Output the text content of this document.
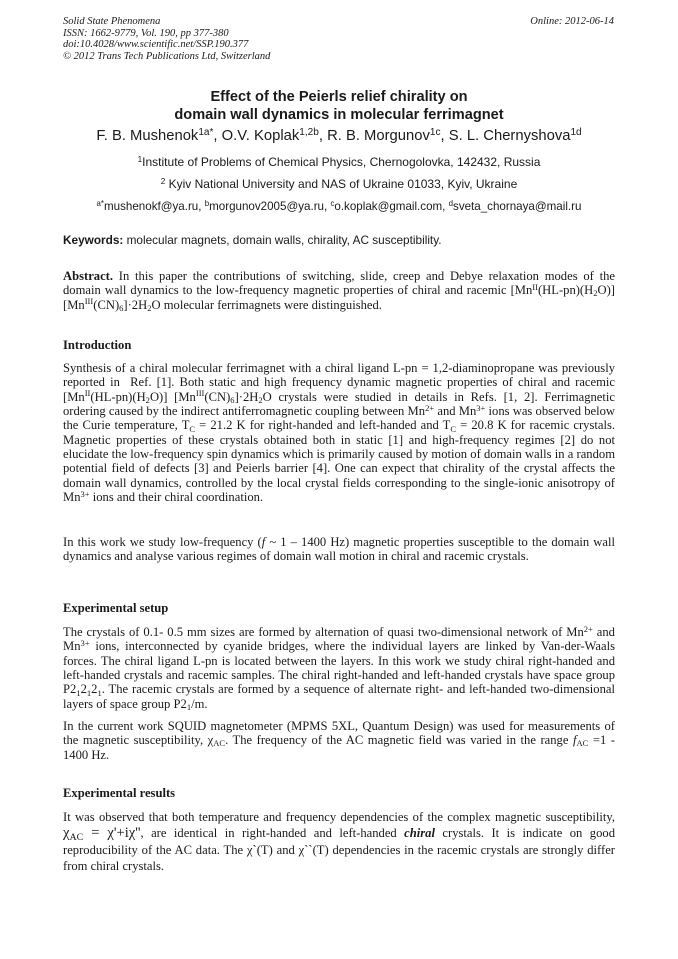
Solid State Phenomena
ISSN: 1662-9779, Vol. 190, pp 377-380
doi:10.4028/www.scientific.net/SSP.190.377
© 2012 Trans Tech Publications Ltd, Switzerland
Online: 2012-06-14
Effect of the Peierls relief chirality on
domain wall dynamics in molecular ferrimagnet
F. B. Mushenok$^{1a*}$, O.V. Koplak$^{1,2b}$, R. B. Morgunov$^{1c}$, S. L. Chernyshova$^{1d}$
$^1$Institute of Problems of Chemical Physics, Chernogolovka, 142432, Russia
$^2$ Kyiv National University and NAS of Ukraine 01033, Kyiv, Ukraine
$^{a*}$mushenokf@ya.ru, $^b$morgunov2005@ya.ru, $^c$o.koplak@gmail.com, $^d$sveta_chornaya@mail.ru
Keywords: molecular magnets, domain walls, chirality, AC susceptibility.
Abstract. In this paper the contributions of switching, slide, creep and Debye relaxation modes of the domain wall dynamics to the low-frequency magnetic properties of chiral and racemic $[Mn^{II}(HL-pn)(H_2O)][Mn^{III}(CN)_6]\cdot 2H_2O$ molecular ferrimagnets were distinguished.
Introduction
Synthesis of a chiral molecular ferrimagnet with a chiral ligand L-pn = 1,2-diaminopropane was previously reported in  Ref. [1]. Both static and high frequency dynamic magnetic properties of chiral and racemic $[Mn^{II}(HL-pn)(H_2O)]$ $[Mn^{III}(CN)_6]\cdot 2H_2O$ crystals were studied in details in Refs. [1, 2]. Ferrimagnetic ordering caused by the indirect antiferromagnetic coupling between $Mn^{2+}$ and $Mn^{3+}$ ions was observed below the Curie temperature, $T_C = 21.2$ K for right-handed and left-handed and $T_C = 20.8$ K for racemic crystals. Magnetic properties of these crystals obtained both in static [1] and high-frequency regimes [2] do not elucidate the low-frequency spin dynamics which is primarily caused by motion of domain walls in a random potential field of defects [3] and Peierls barrier [4]. One can expect that chirality of the crystal affects the domain wall dynamics, controlled by the local crystal fields corresponding to the single-ionic anisotropy of $Mn^{3+}$ ions and their chiral coordination.
In this work we study low-frequency (f ~ 1 – 1400 Hz) magnetic properties susceptible to the domain wall dynamics and analyse various regimes of domain wall motion in chiral and racemic crystals.
Experimental setup
The crystals of 0.1- 0.5 mm sizes are formed by alternation of quasi two-dimensional network of $Mn^{2+}$ and $Mn^{3+}$ ions, interconnected by cyanide bridges, where the individual layers are linked by Van-der-Waals forces. The chiral ligand L-pn is located between the layers. In this work we study chiral right-handed and left-handed crystals and racemic samples. The chiral right-handed and left-handed crystals have space group $P2_12_12_1$. The racemic crystals are formed by a sequence of alternate right- and left-handed two-dimensional layers of space group $P2_1/m$.
In the current work SQUID magnetometer (MPMS 5XL, Quantum Design) was used for measurements of the magnetic susceptibility, $\chi_{AC}$. The frequency of the AC magnetic field was varied in the range $f_{AC} =1 - 1400$ Hz.
Experimental results
It was observed that both temperature and frequency dependencies of the complex magnetic susceptibility, $\chi_{AC} = \chi'+i\chi''$, are identical in right-handed and left-handed chiral crystals. It is indicate on good reproducibility of the AC data. The χ`(T) and χ``(T) dependencies in the racemic crystals are strongly differ from chiral crystals.
